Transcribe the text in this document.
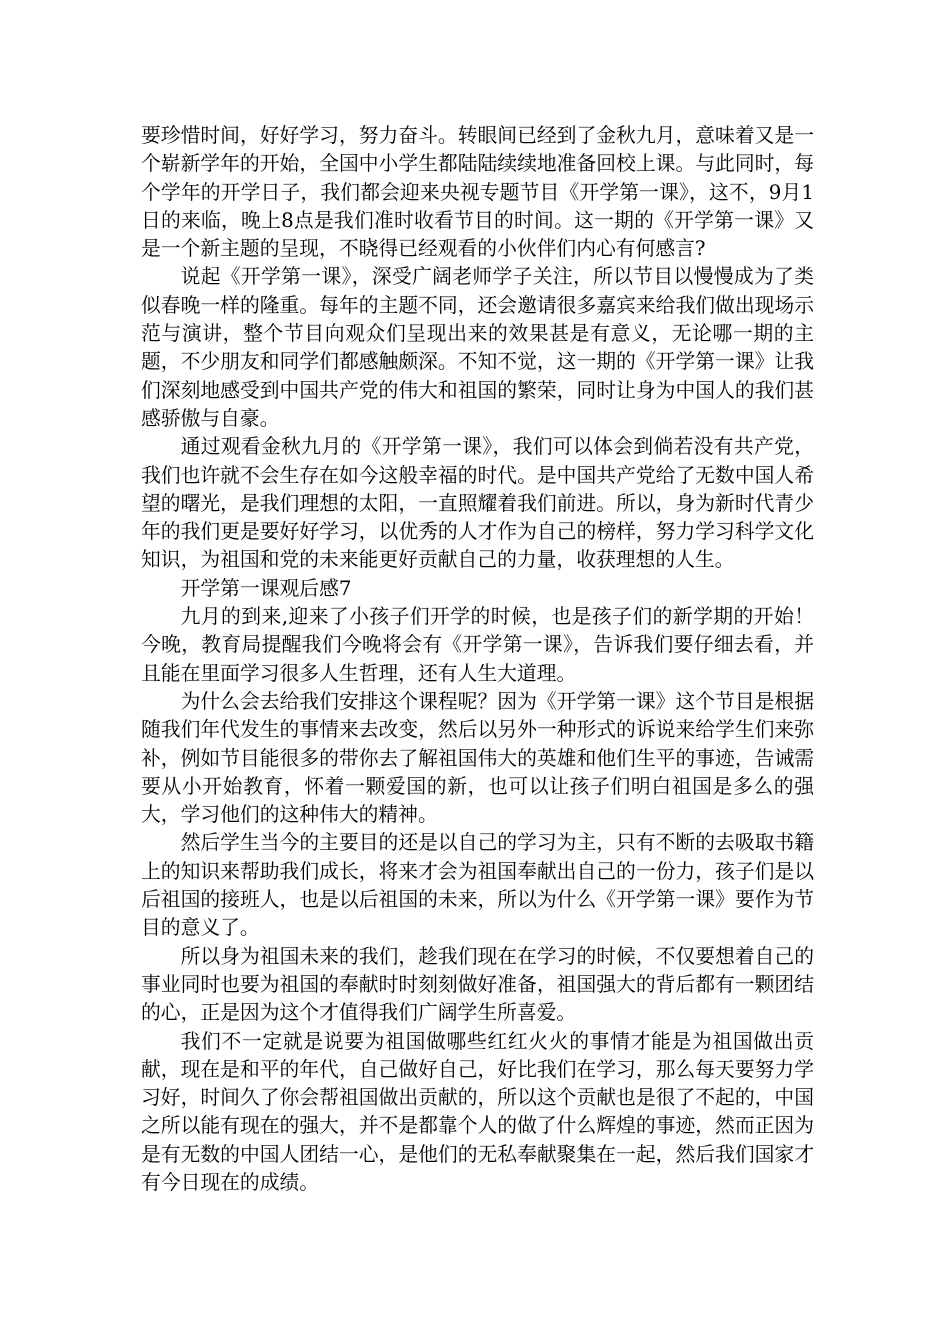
要珍惜时间，好好学习，努力奋斗。转眼间已经到了金秋九月，意味着又是一个崭新学年的开始，全国中小学生都陆陆续续地准备回校上课。与此同时，每个学年的开学日子，我们都会迎来央视专题节目《开学第一课》，这不，9月1日的来临，晚上8点是我们准时收看节目的时间。这一期的《开学第一课》又是一个新主题的呈现，不晓得已经观看的小伙伴们内心有何感言?

说起《开学第一课》，深受广阔老师学子关注，所以节目以慢慢成为了类似春晚一样的隆重。每年的主题不同，还会邀请很多嘉宾来给我们做出现场示范与演讲，整个节目向观众们呈现出来的效果甚是有意义，无论哪一期的主题，不少朋友和同学们都感触颇深。不知不觉，这一期的《开学第一课》让我们深刻地感受到中国共产党的伟大和祖国的繁荣，同时让身为中国人的我们甚感骄傲与自豪。

通过观看金秋九月的《开学第一课》，我们可以体会到倘若没有共产党，我们也许就不会生存在如今这般幸福的时代。是中国共产党给了无数中国人希望的曙光，是我们理想的太阳，一直照耀着我们前进。所以，身为新时代青少年的我们更是要好好学习，以优秀的人才作为自己的榜样，努力学习科学文化知识，为祖国和党的未来能更好贡献自己的力量，收获理想的人生。

开学第一课观后感7

九月的到来,迎来了小孩子们开学的时候，也是孩子们的新学期的开始！今晚，教育局提醒我们今晚将会有《开学第一课》，告诉我们要仔细去看，并且能在里面学习很多人生哲理，还有人生大道理。

为什么会去给我们安排这个课程呢？因为《开学第一课》这个节目是根据随我们年代发生的事情来去改变，然后以另外一种形式的诉说来给学生们来弥补，例如节目能很多的带你去了解祖国伟大的英雄和他们生平的事迹，告诫需要从小开始教育，怀着一颗爱国的新，也可以让孩子们明白祖国是多么的强大，学习他们的这种伟大的精神。

然后学生当今的主要目的还是以自己的学习为主，只有不断的去吸取书籍上的知识来帮助我们成长，将来才会为祖国奉献出自己的一份力，孩子们是以后祖国的接班人，也是以后祖国的未来，所以为什么《开学第一课》要作为节目的意义了。

所以身为祖国未来的我们，趁我们现在在学习的时候，不仅要想着自己的事业同时也要为祖国的奉献时时刻刻做好准备，祖国强大的背后都有一颗团结的心，正是因为这个才值得我们广阔学生所喜爱。

我们不一定就是说要为祖国做哪些红红火火的事情才能是为祖国做出贡献，现在是和平的年代，自己做好自己，好比我们在学习，那么每天要努力学习好，时间久了你会帮祖国做出贡献的，所以这个贡献也是很了不起的，中国之所以能有现在的强大，并不是都靠个人的做了什么辉煌的事迹，然而正因为是有无数的中国人团结一心，是他们的无私奉献聚集在一起，然后我们国家才有今日现在的成绩。
